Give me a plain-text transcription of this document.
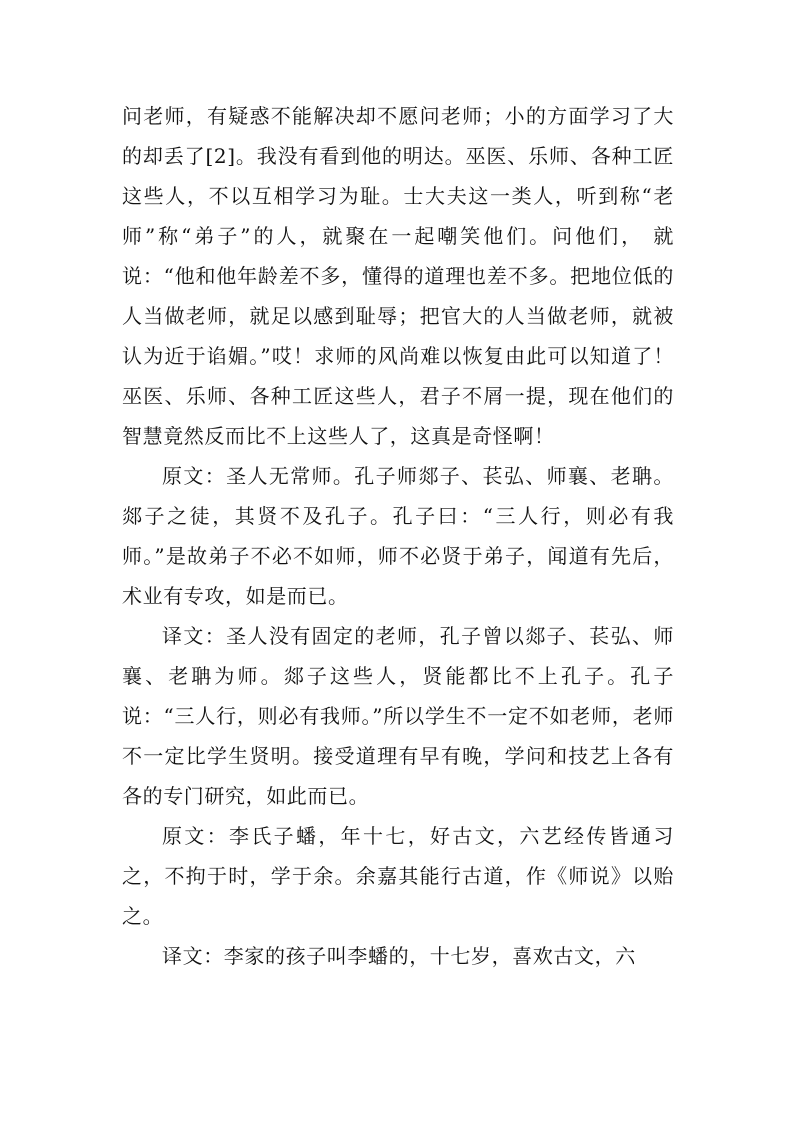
问老师，有疑惑不能解决却不愿问老师；小的方面学习了大的却丢了[2]。我没有看到他的明达。巫医、乐师、各种工匠这些人，不以互相学习为耻。士大夫这一类人，听到称“老师”称“弟子”的人，就聚在一起嘲笑他们。问他们， 就说：“他和他年龄差不多，懂得的道理也差不多。把地位低的人当做老师，就足以感到耻辱；把官大的人当做老师，就被认为近于谄媚。”哎！求师的风尚难以恢复由此可以知道了！巫医、乐师、各种工匠这些人，君子不屑一提，现在他们的智慧竟然反而比不上这些人了，这真是奇怪啊！

原文：圣人无常师。孔子师郯子、苌弘、师襄、老聃。郯子之徒，其贤不及孔子。孔子曰：“三人行，则必有我师。”是故弟子不必不如师，师不必贤于弟子，闻道有先后，术业有专攻，如是而已。

译文：圣人没有固定的老师，孔子曾以郯子、苌弘、师襄、老聃为师。郯子这些人，贤能都比不上孔子。孔子说：“三人行，则必有我师。”所以学生不一定不如老师，老师不一定比学生贤明。接受道理有早有晚，学问和技艺上各有各的专门研究，如此而已。

原文：李氏子蟠，年十七，好古文，六艺经传皆通习之，不拘于时，学于余。余嘉其能行古道，作《师说》以贻之。

译文：李家的孩子叫李蟠的，十七岁，喜欢古文，六
